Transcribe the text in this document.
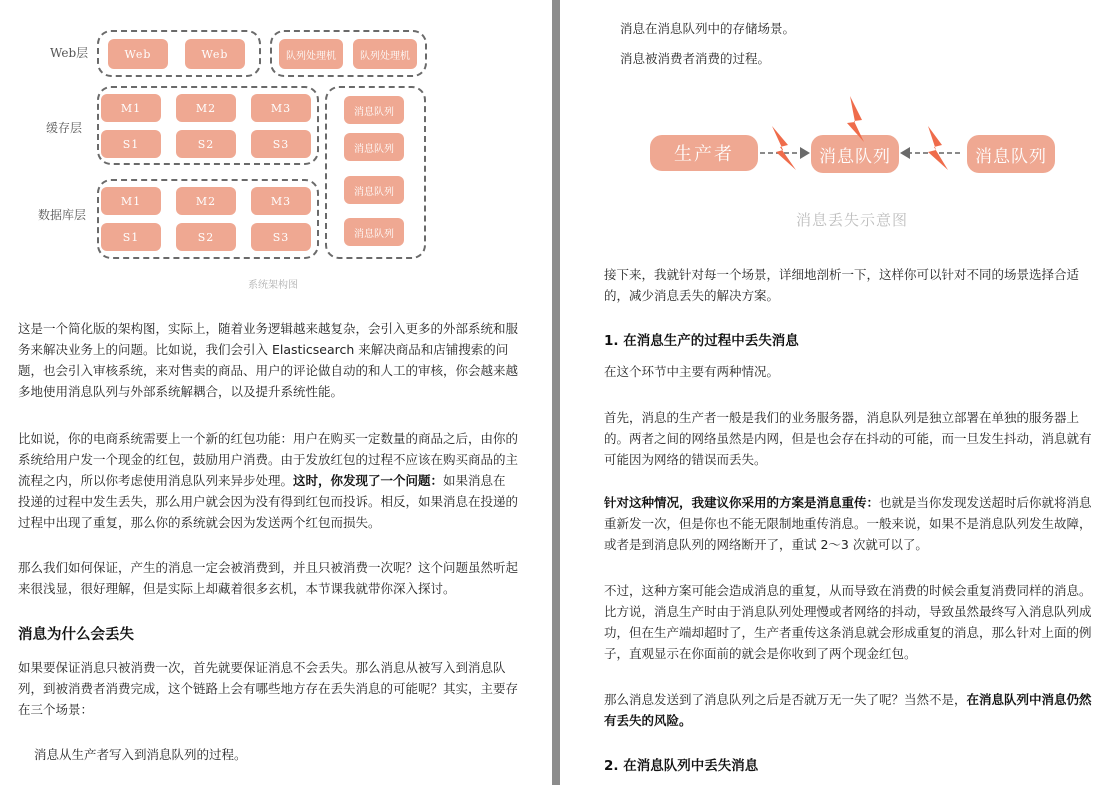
Web层
缓存层
数据库层
Web	Web	队列处理机	队列处理机
M1	M2	M3
S1	S2	S3
M1	M2	M3
S1	S2	S3
消息队列
消息队列
消息队列
消息队列
系统架构图

这是一个简化版的架构图，实际上，随着业务逻辑越来越复杂，会引入更多的外部系统和服务来解决业务上的问题。比如说，我们会引入 Elasticsearch 来解决商品和店铺搜索的问题，也会引入审核系统，来对售卖的商品、用户的评论做自动的和人工的审核，你会越来越多地使用消息队列与外部系统解耦合，以及提升系统性能。

比如说，你的电商系统需要上一个新的红包功能：用户在购买一定数量的商品之后，由你的系统给用户发一个现金的红包，鼓励用户消费。由于发放红包的过程不应该在购买商品的主流程之内，所以你考虑使用消息队列来异步处理。这时，你发现了一个问题：如果消息在投递的过程中发生丢失，那么用户就会因为没有得到红包而投诉。相反，如果消息在投递的过程中出现了重复，那么你的系统就会因为发送两个红包而损失。

那么我们如何保证，产生的消息一定会被消费到，并且只被消费一次呢？这个问题虽然听起来很浅显，很好理解，但是实际上却藏着很多玄机，本节课我就带你深入探讨。

消息为什么会丢失

如果要保证消息只被消费一次，首先就要保证消息不会丢失。那么消息从被写入到消息队列，到被消费者消费完成，这个链路上会有哪些地方存在丢失消息的可能呢？其实，主要存在三个场景：

消息从生产者写入到消息队列的过程。

消息在消息队列中的存储场景。

消息被消费者消费的过程。

生产者	消息队列	消息队列
消息丢失示意图

接下来，我就针对每一个场景，详细地剖析一下，这样你可以针对不同的场景选择合适的，减少消息丢失的解决方案。

1. 在消息生产的过程中丢失消息

在这个环节中主要有两种情况。

首先，消息的生产者一般是我们的业务服务器，消息队列是独立部署在单独的服务器上的。两者之间的网络虽然是内网，但是也会存在抖动的可能，而一旦发生抖动，消息就有可能因为网络的错误而丢失。

针对这种情况，我建议你采用的方案是消息重传：也就是当你发现发送超时后你就将消息重新发一次，但是你也不能无限制地重传消息。一般来说，如果不是消息队列发生故障，或者是到消息队列的网络断开了，重试 2～3 次就可以了。

不过，这种方案可能会造成消息的重复，从而导致在消费的时候会重复消费同样的消息。比方说，消息生产时由于消息队列处理慢或者网络的抖动，导致虽然最终写入消息队列成功，但在生产端却超时了，生产者重传这条消息就会形成重复的消息，那么针对上面的例子，直观显示在你面前的就会是你收到了两个现金红包。

那么消息发送到了消息队列之后是否就万无一失了呢？当然不是，在消息队列中消息仍然有丢失的风险。

2. 在消息队列中丢失消息
